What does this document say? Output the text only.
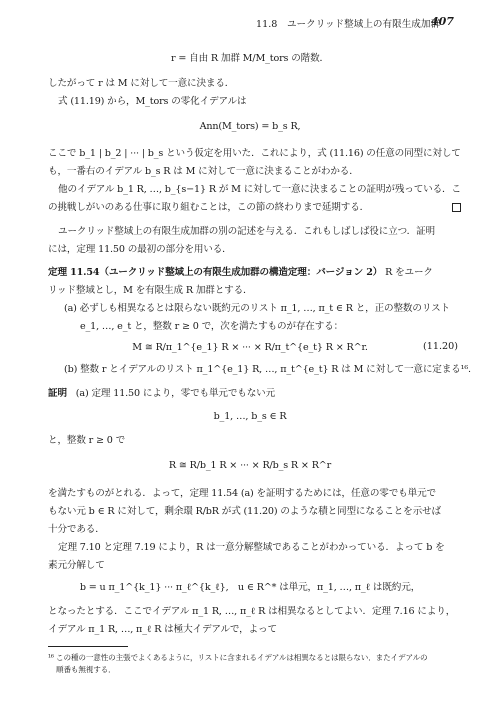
11.8　ユークリッド整域上の有限生成加群
407
r = 自由 R 加群 M/M_tors の階数．
したがって r は M に対して一意に決まる．
式 (11.19) から，M_tors の零化イデアルは
Ann(M_tors) = b_s R,
ここで b_1 | b_2 | ··· | b_s という仮定を用いた．これにより，式 (11.16) の任意の同型に対して
も，一番右のイデアル b_s R は M に対して一意に決まることがわかる．
他のイデアル b_1 R, …, b_{s−1} R が M に対して一意に決まることの証明が残っている．こ
の挑戦しがいのある仕事に取り組むことは，この節の終わりまで延期する．
ユークリッド整域上の有限生成加群の別の記述を与える．これもしばしば役に立つ．証明
には，定理 11.50 の最初の部分を用いる．
定理 11.54（ユークリッド整域上の有限生成加群の構造定理：バージョン 2） R をユーク
リッド整域とし，M を有限生成 R 加群とする．
(a) 必ずしも相異なるとは限らない既約元のリスト π_1, …, π_t ∈ R と，正の整数のリスト
e_1, …, e_t と，整数 r ≥ 0 で，次を満たすものが存在する：
M ≅ R/π_1^{e_1} R × ··· × R/π_t^{e_t} R × R^r.	(11.20)
(b) 整数 r とイデアルのリスト π_1^{e_1} R, …, π_t^{e_t} R は M に対して一意に定まる¹⁶.
証明 (a) 定理 11.50 により，零でも単元でもない元
b_1, …, b_s ∈ R
と，整数 r ≥ 0 で
R ≅ R/b_1 R × ··· × R/b_s R × R^r
を満たすものがとれる．よって，定理 11.54 (a) を証明するためには，任意の零でも単元で
もない元 b ∈ R に対して，剰余環 R/bR が式 (11.20) のような積と同型になることを示せば
十分である．
定理 7.10 と定理 7.19 により，R は一意分解整域であることがわかっている．よって b を
素元分解して
b = u π_1^{k_1} ··· π_ℓ^{k_ℓ},　u ∈ R^* は単元，π_1, …, π_ℓ は既約元，
となったとする．ここでイデアル π_1 R, …, π_ℓ R は相異なるとしてよい．定理 7.16 により，
イデアル π_1 R, …, π_ℓ R は極大イデアルで，よって
¹⁶ この種の一意性の主張でよくあるように，リストに含まれるイデアルは相異なるとは限らない．またイデアルの
順番も無視する．
